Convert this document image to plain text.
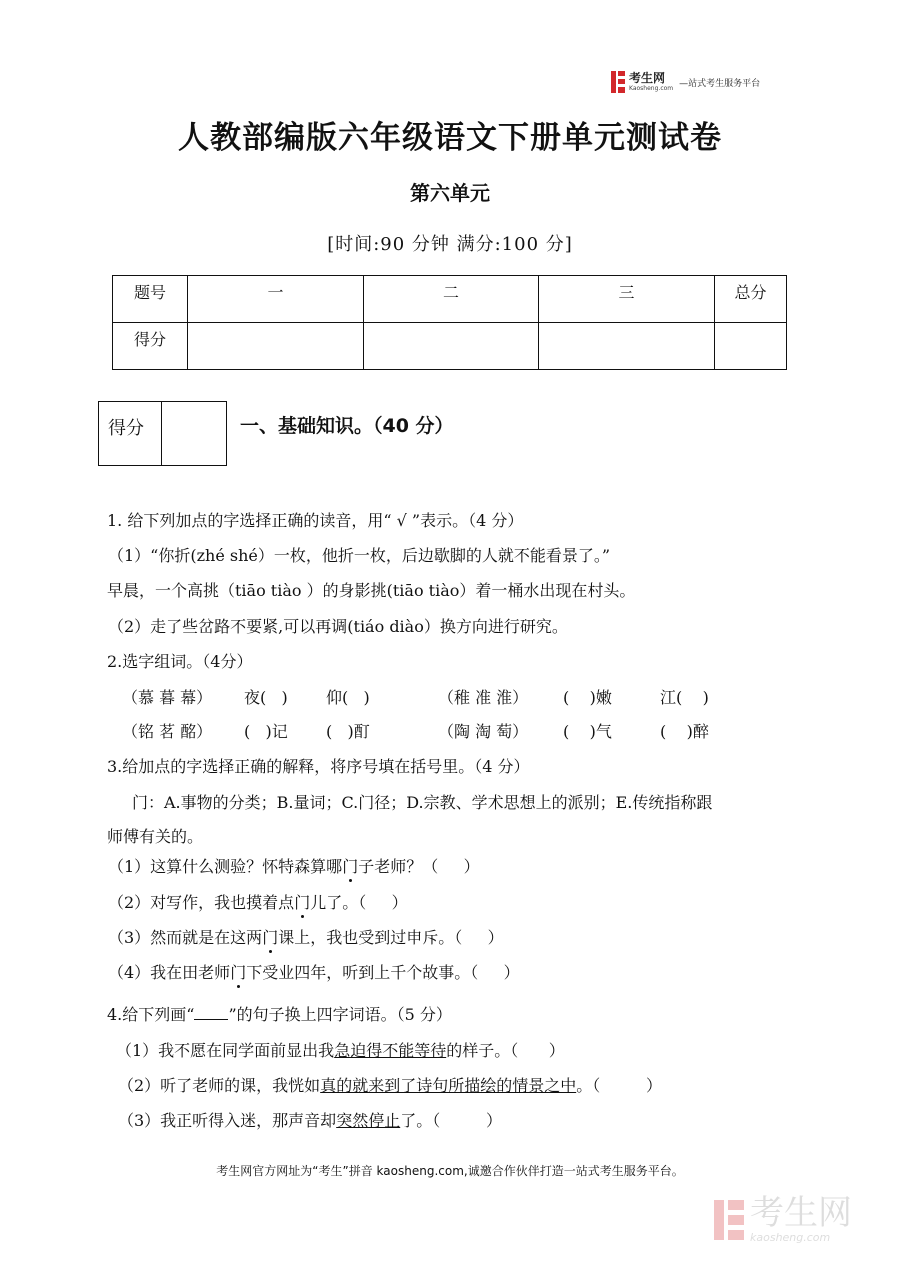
考生网
Kaosheng.com —站式考生服务平台
人教部编版六年级语文下册单元测试卷
第六单元
[时间:90 分钟 满分:100 分]
题号	一	二	三	总分
得分				
得分	一、基础知识。（40 分）
1. 给下列加点的字选择正确的读音，用“ √ ”表示。（4 分）
（1）“你折(zhé shé）一枚，他折一枚，后边歇脚的人就不能看景了。”
早晨，一个高挑（tiāo tiào ）的身影挑(tiāo tiào）着一桶水出现在村头。
（2）走了些岔路不要紧,可以再调(tiáo diào）换方向进行研究。
2.选字组词。（4分）
（慕 暮 幕） 夜(   ) 仰(   )	（稚 准 淮） (    )嫩	江(    )
（铭 茗 酩） (   )记 (   )酊	（陶 淘 萄） (    )气	(    )醉
3.给加点的字选择正确的解释，将序号填在括号里。（4 分）
门：A.事物的分类；B.量词；C.门径；D.宗教、学术思想上的派别；E.传统指称跟
师傅有关的。
（1）这算什么测验？怀特森算哪门子老师？（     ）
（2）对写作，我也摸着点门儿了。（     ）
（3）然而就是在这两门课上，我也受到过申斥。（     ）
（4）我在田老师门下受业四年，听到上千个故事。（     ）
4.给下列画“ ”的句子换上四字词语。（5 分）
（1）我不愿在同学面前显出我急迫得不能等待的样子。（      ）
（2）听了老师的课，我恍如真的就来到了诗句所描绘的情景之中。（         ）
（3）我正听得入迷，那声音却突然停止了。（         ）
考生网官方网址为“考生”拼音 kaosheng.com,诚邀合作伙伴打造一站式考生服务平台。
考生网
kaosheng.com
